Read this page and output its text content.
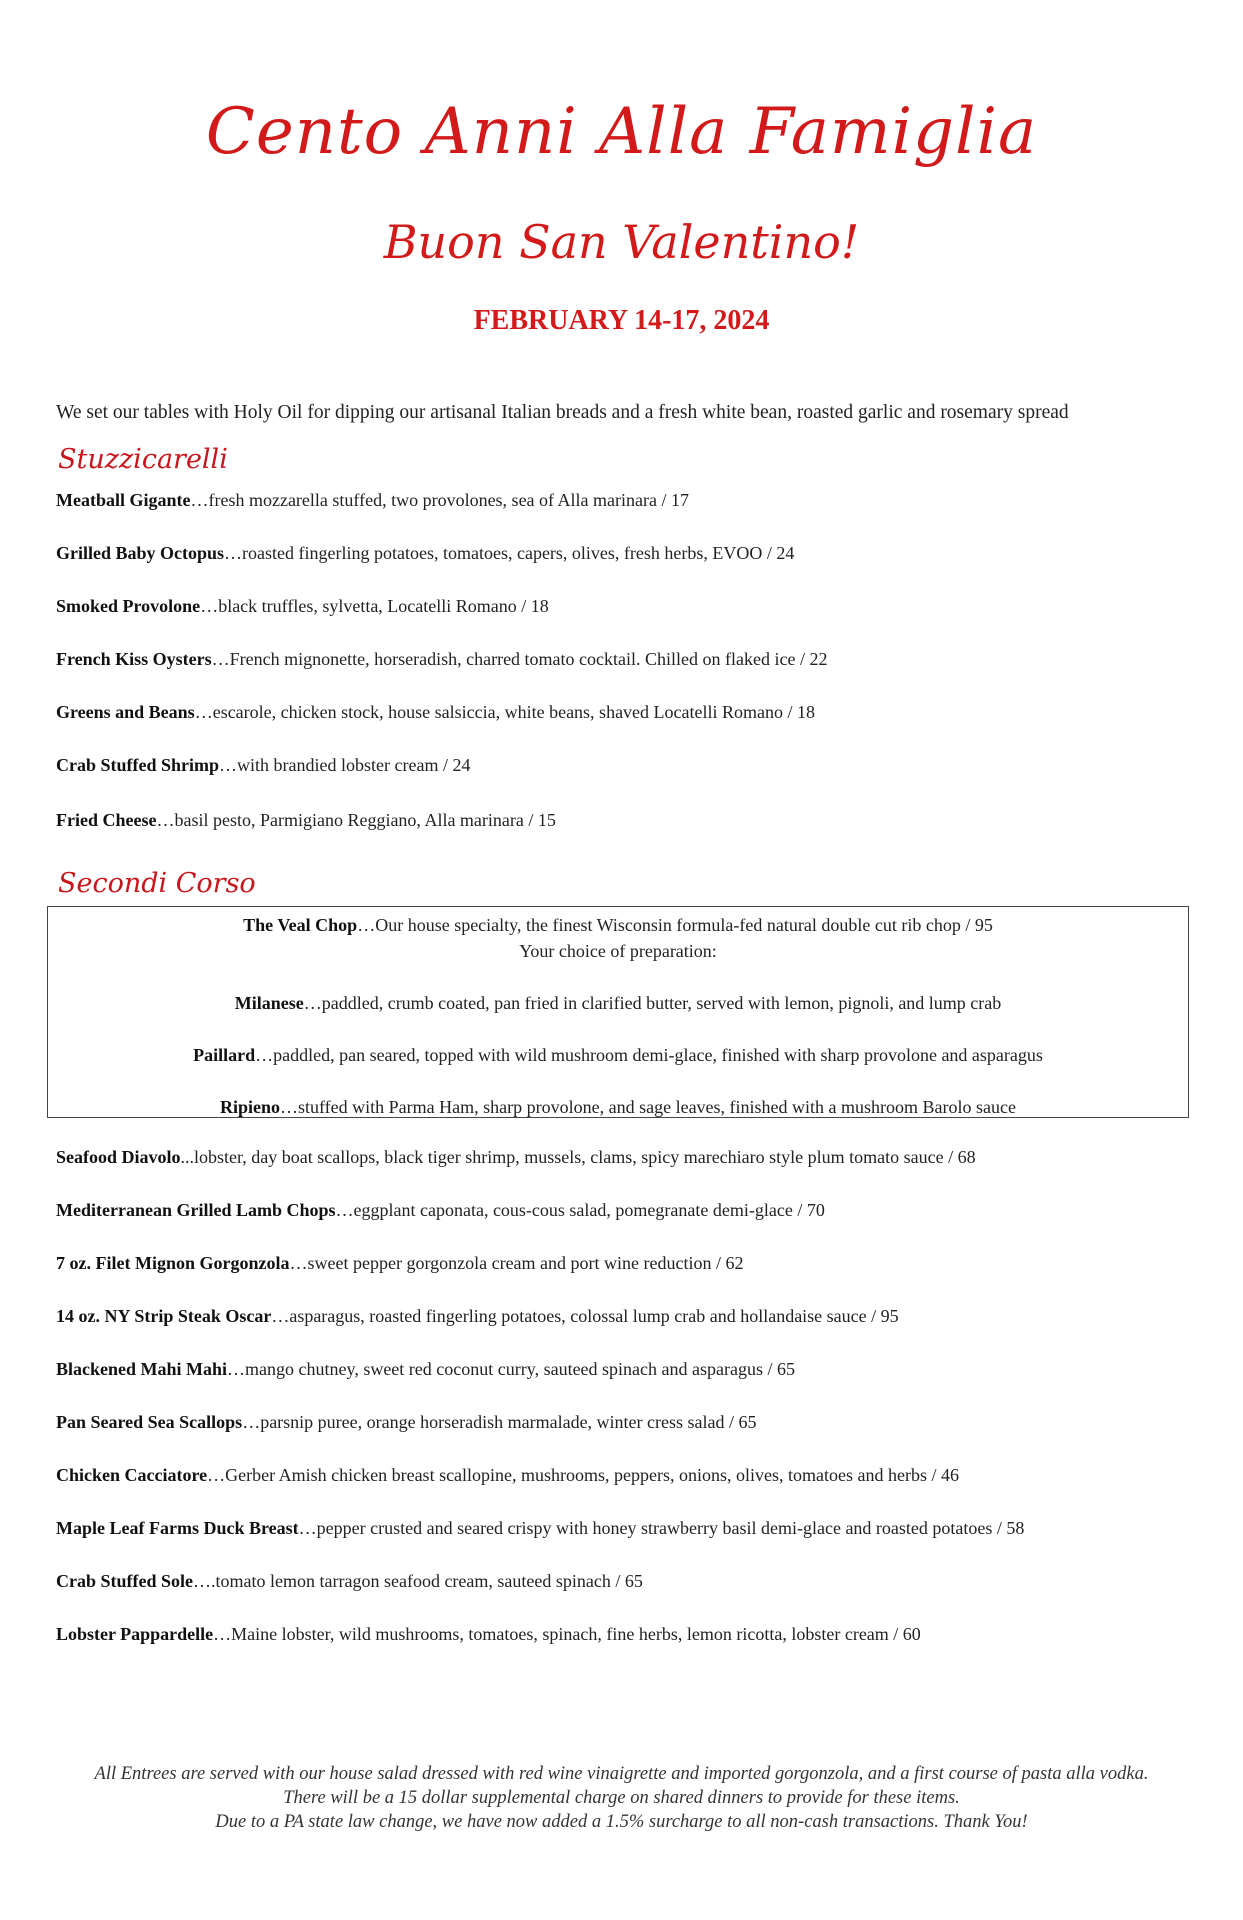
Cento Anni Alla Famiglia
Buon San Valentino!
FEBRUARY 14-17, 2024
We set our tables with Holy Oil for dipping our artisanal Italian breads and a fresh white bean, roasted garlic and rosemary spread
Stuzzicarelli
Meatball Gigante…fresh mozzarella stuffed, two provolones, sea of Alla marinara / 17
Grilled Baby Octopus…roasted fingerling potatoes, tomatoes, capers, olives, fresh herbs, EVOO / 24
Smoked Provolone…black truffles, sylvetta, Locatelli Romano / 18
French Kiss Oysters…French mignonette, horseradish, charred tomato cocktail. Chilled on flaked ice / 22
Greens and Beans…escarole, chicken stock, house salsiccia, white beans, shaved Locatelli Romano / 18
Crab Stuffed Shrimp…with brandied lobster cream / 24
Fried Cheese…basil pesto, Parmigiano Reggiano, Alla marinara / 15
Secondi Corso
The Veal Chop…Our house specialty, the finest Wisconsin formula-fed natural double cut rib chop / 95
Your choice of preparation:
Milanese…paddled, crumb coated, pan fried in clarified butter, served with lemon, pignoli, and lump crab
Paillard…paddled, pan seared, topped with wild mushroom demi-glace, finished with sharp provolone and asparagus
Ripieno…stuffed with Parma Ham, sharp provolone, and sage leaves, finished with a mushroom Barolo sauce
Seafood Diavolo...lobster, day boat scallops, black tiger shrimp, mussels, clams, spicy marechiaro style plum tomato sauce / 68
Mediterranean Grilled Lamb Chops…eggplant caponata, cous-cous salad, pomegranate demi-glace / 70
7 oz. Filet Mignon Gorgonzola…sweet pepper gorgonzola cream and port wine reduction / 62
14 oz. NY Strip Steak Oscar…asparagus, roasted fingerling potatoes, colossal lump crab and hollandaise sauce / 95
Blackened Mahi Mahi…mango chutney, sweet red coconut curry, sauteed spinach and asparagus / 65
Pan Seared Sea Scallops…parsnip puree, orange horseradish marmalade, winter cress salad / 65
Chicken Cacciatore…Gerber Amish chicken breast scallopine, mushrooms, peppers, onions, olives, tomatoes and herbs / 46
Maple Leaf Farms Duck Breast…pepper crusted and seared crispy with honey strawberry basil demi-glace and roasted potatoes / 58
Crab Stuffed Sole….tomato lemon tarragon seafood cream, sauteed spinach / 65
Lobster Pappardelle…Maine lobster, wild mushrooms, tomatoes, spinach, fine herbs, lemon ricotta, lobster cream / 60
All Entrees are served with our house salad dressed with red wine vinaigrette and imported gorgonzola, and a first course of pasta alla vodka.
There will be a 15 dollar supplemental charge on shared dinners to provide for these items.
Due to a PA state law change, we have now added a 1.5% surcharge to all non-cash transactions. Thank You!
